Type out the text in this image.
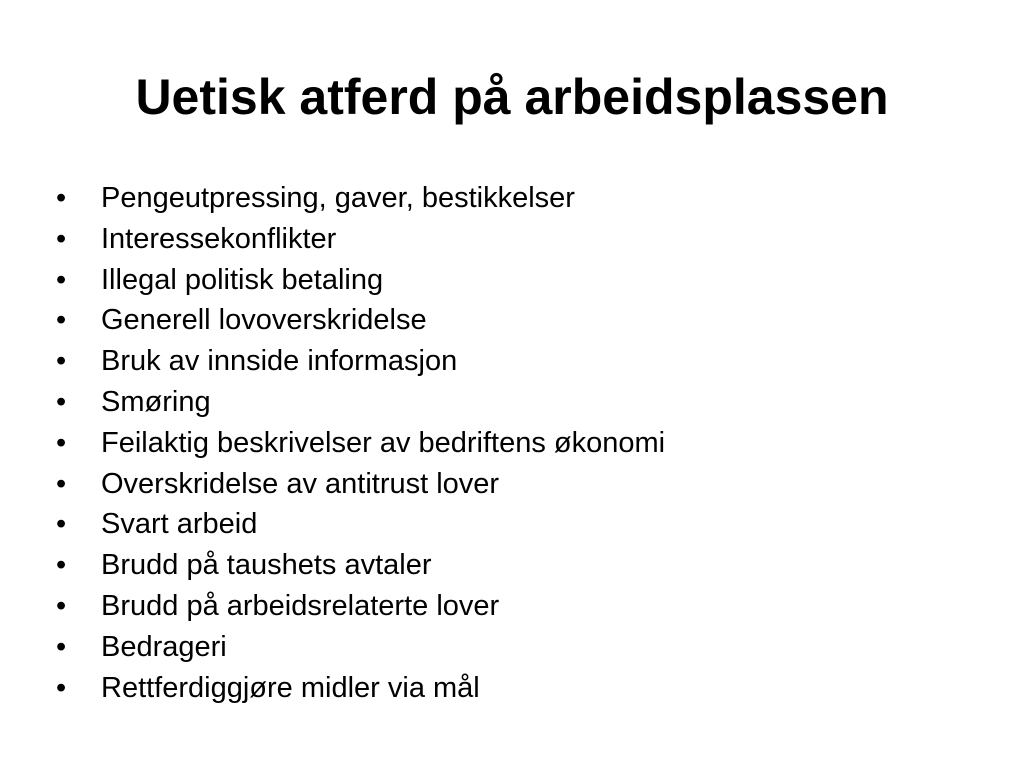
Uetisk atferd på arbeidsplassen
•	Pengeutpressing, gaver, bestikkelser
•	Interessekonflikter
•	Illegal politisk betaling
•	Generell lovoverskridelse
•	Bruk av innside informasjon
•	Smøring
•	Feilaktig beskrivelser av bedriftens økonomi
•	Overskridelse av antitrust lover
•	Svart arbeid
•	Brudd på taushets avtaler
•	Brudd på arbeidsrelaterte lover
•	Bedrageri
•	Rettferdiggjøre midler via mål
